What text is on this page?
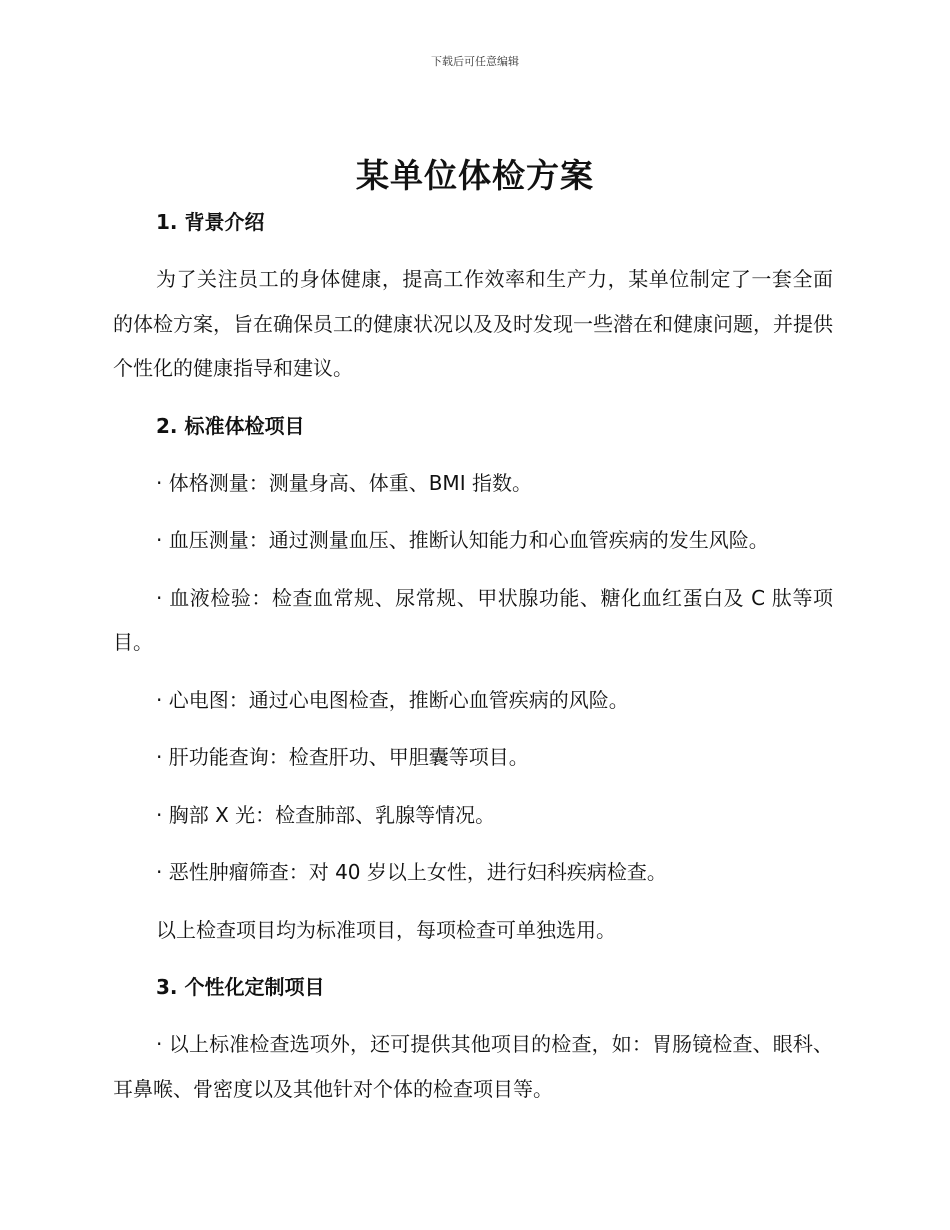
下载后可任意编辑
某单位体检方案

1. 背景介绍

为了关注员工的身体健康，提高工作效率和生产力，某单位制定了一套全面的体检方案，旨在确保员工的健康状况以及及时发现一些潜在和健康问题，并提供个性化的健康指导和建议。

2. 标准体检项目

· 体格测量：测量身高、体重、BMI 指数。

· 血压测量：通过测量血压、推断认知能力和心血管疾病的发生风险。

· 血液检验：检查血常规、尿常规、甲状腺功能、糖化血红蛋白及 C 肽等项目。

· 心电图：通过心电图检查，推断心血管疾病的风险。

· 肝功能查询：检查肝功、甲胆囊等项目。

· 胸部 X 光：检查肺部、乳腺等情况。

· 恶性肿瘤筛查：对 40 岁以上女性，进行妇科疾病检查。

以上检查项目均为标准项目，每项检查可单独选用。

3. 个性化定制项目

· 以上标准检查选项外，还可提供其他项目的检查，如：胃肠镜检查、眼科、耳鼻喉、骨密度以及其他针对个体的检查项目等。
